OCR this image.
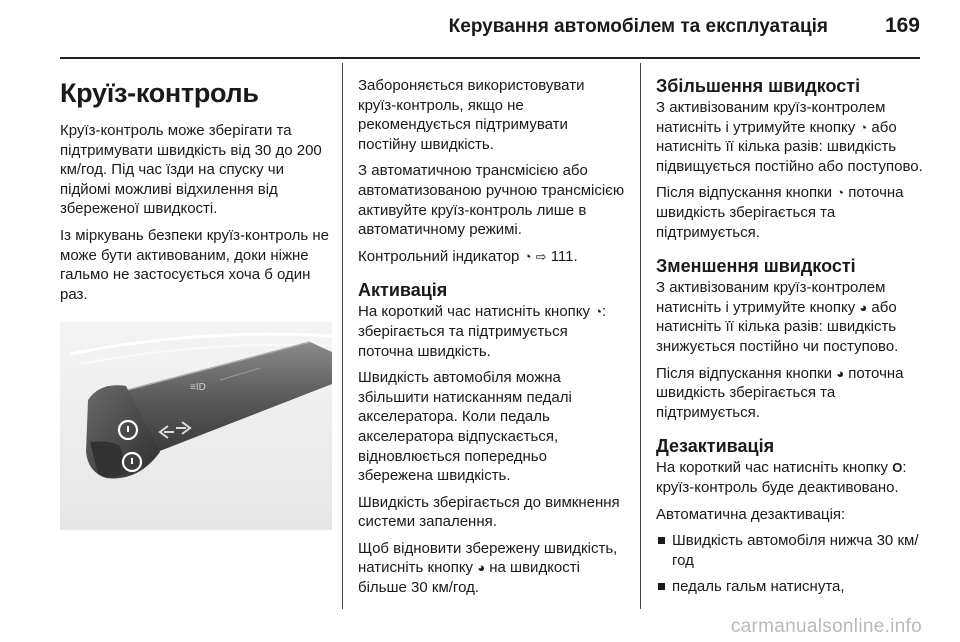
Керування автомобілем та експлуатація	169
Круїз-контроль

Круїз-контроль може зберігати та підтримувати швидкість від 30 до 200 км/год. Під час їзди на спуску чи підйомі можливі відхилення від збереженої швидкості.

Із міркувань безпеки круїз-контроль не може бути активованим, доки ніжне гальмо не застосується хоча б один раз.

≡ID

Забороняється використовувати круїз-контроль, якщо не рекомендується підтримувати постійну швидкість.

З автоматичною трансмісією або автоматизованою ручною трансмісією активуйте круїз-контроль лише в автоматичному режимі.

Контрольний індикатор ◔ ⇨ 111.

Активація

На короткий час натисніть кнопку ◔: зберігається та підтримується поточна швидкість.

Швидкість автомобіля можна збільшити натисканням педалі акселератора. Коли педаль акселератора відпускається, відновлюється попередньо збережена швидкість.

Швидкість зберігається до вимкнення системи запалення.

Щоб відновити збережену швидкість, натисніть кнопку ◕ на швидкості більше 30 км/год.

Збільшення швидкості

З активізованим круїз-контролем натисніть і утримуйте кнопку ◔ або натисніть її кілька разів: швидкість підвищується постійно або поступово.

Після відпускання кнопки ◔ поточна швидкість зберігається та підтримується.

Зменшення швидкості

З активізованим круїз-контролем натисніть і утримуйте кнопку ◕ або натисніть її кілька разів: швидкість знижується постійно чи поступово.

Після відпускання кнопки ◕ поточна швидкість зберігається та підтримується.

Дезактивація

На короткий час натисніть кнопку O: круїз-контроль буде деактивовано.

Автоматична дезактивація:

Швидкість автомобіля нижча 30 км/год
педаль гальм натиснута,
carmanualsonline.info
